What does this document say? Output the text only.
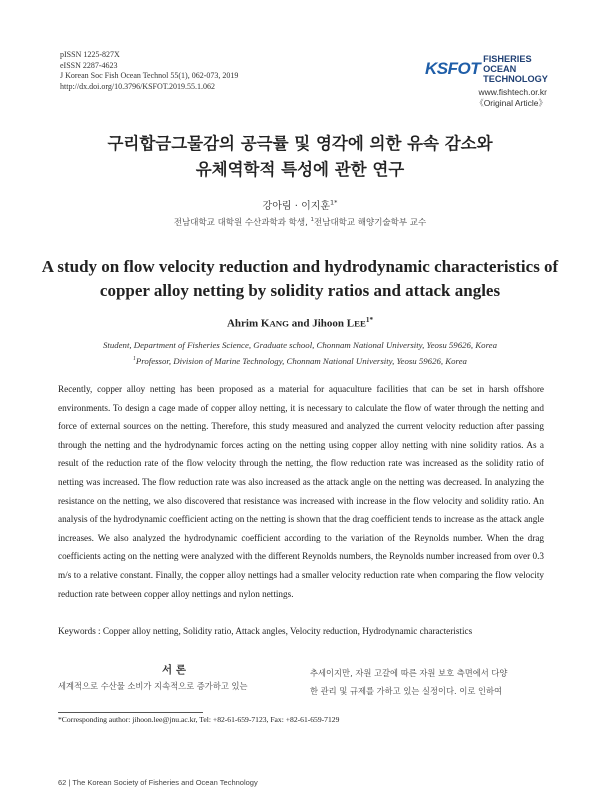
pISSN 1225-827X
eISSN 2287-4623
J Korean Soc Fish Ocean Technol 55(1), 062-073, 2019
http://dx.doi.org/10.3796/KSFOT.2019.55.1.062
KSFOT FISHERIES OCEAN
TECHNOLOGY
www.fishtech.or.kr
《Original Article》
구리합금그물감의 공극률 및 영각에 의한 유속 감소와
유체역학적 특성에 관한 연구
강아림 · 이지훈$^{1*}$
전남대학교 대학원 수산과학과 학생, $^1$전남대학교 해양기술학부 교수
A study on flow velocity reduction and hydrodynamic characteristics of
copper alloy netting by solidity ratios and attack angles
Ahrim KANG and Jihoon $LEE^{1*}$
Student, Department of Fisheries Science, Graduate school, Chonnam National University, Yeosu 59626, Korea
$^1$Professor, Division of Marine Technology, Chonnam National University, Yeosu 59626, Korea
Recently, copper alloy netting has been proposed as a material for aquaculture facilities that can be set in harsh offshore environments. To design a cage made of copper alloy netting, it is necessary to calculate the flow of water through the netting and force of external sources on the netting. Therefore, this study measured and analyzed the current velocity reduction after passing through the netting and the hydrodynamic forces acting on the netting using copper alloy netting with nine solidity ratios. As a result of the reduction rate of the flow velocity through the netting, the flow reduction rate was increased as the solidity ratio of netting was increased. The flow reduction rate was also increased as the attack angle on the netting was decreased. In analyzing the resistance on the netting, we also discovered that resistance was increased with increase in the flow velocity and solidity ratio. An analysis of the hydrodynamic coefficient acting on the netting is shown that the drag coefficient tends to increase as the attack angle increases. We also analyzed the hydrodynamic coefficient according to the variation of the Reynolds number. When the drag coefficients acting on the netting were analyzed with the different Reynolds numbers, the Reynolds number increased from over 0.3 m/s to a relative constant. Finally, the copper alloy nettings had a smaller velocity reduction rate when comparing the flow velocity reduction rate between copper alloy nettings and nylon nettings.
Keywords : Copper alloy netting, Solidity ratio, Attack angles, Velocity reduction, Hydrodynamic characteristics
서 론
세계적으로 수산물 소비가 지속적으로 증가하고 있는
추세이지만, 자원 고갈에 따른 자원 보호 측면에서 다양
한 관리 및 규제를 가하고 있는 실정이다. 이로 인하여
*Corresponding author: jihoon.lee@jnu.ac.kr, Tel: +82-61-659-7123, Fax: +82-61-659-7129
62 | The Korean Society of Fisheries and Ocean Technology
